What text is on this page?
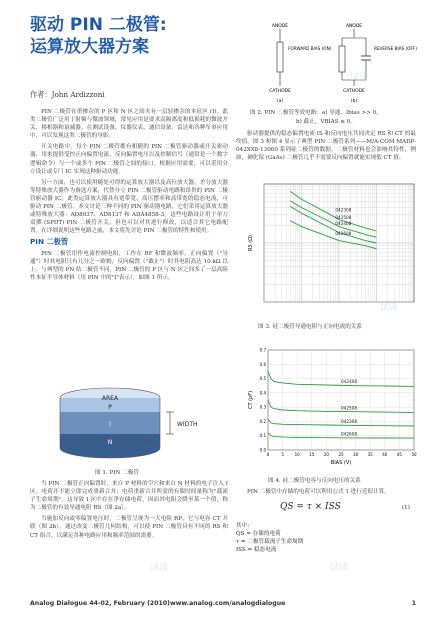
驱动 PIN 二极管:
运算放大器方案
作者：John Ardizzoni

PIN 二极管在重掺杂的 P 区和 N 区之间夹有一层轻掺杂的本征区 (I)。此类二极管广泛用于射频与微波领域，常见应用是要求高隔离度和低损耗的微波开关、移相器和衰减器。在测试设备、仪器仪表、通信设备、雷达和各种军事应用中，可以发现这类二极管的身影。

开关电路中，每个 PIN 二极管都有相随的 PIN 二极管驱动器或开关驱动器，用来提供受控正向偏置电流、反向偏置电压以及控制信号（通常是一个数字逻辑命令）与一个或多个 PIN 二极管之间的接口。根据应用需要，可以采用分立设计或专门 IC 实现这种驱动功能。

另一方面，也可以使用随处可得的运算放大器以及高位放大器、差分放大器等特殊放大器作为备选方案，代替分立 PIN 二极管驱动电路和昂贵的 PIN 二极管驱动器 IC。此类运算放大器具有宽带宽、高压摆率和高带宽的稳态电流，可驱动 PIN 二极管。本文讨论三种不同的 PIN 驱动器电路，它们采用运算放大器或特殊放大器：AD8037、AD8137 和 ADA4858-3。这些电路设计用于单刀双掷 (SPDT) PIN 二极管开关，但也可以对其进行修改，以适合其它电路配置。在详细说明这些电路之前，本文将先讨论 PIN 二极管的特性和使用。

PIN 二极管

PIN 二极管用作电流控制电阻，工作在 RF 和微波频率。正向偏置（"导通"）时其电阻只有几分之一欧姆，反向偏置（"截止"）时其电阻高达 10 kΩ 以上。与典型的 PN 结二极管不同，PIN 二极管的 P 区与 N 区之间多了一层高阻性本征半导体材料（用 PIN 中的"I"表示），如图 1 所示。

AREA
P
I
N
WIDTH
图 1. PIN 二极管

当 PIN 二极管正向偏置时，来自 P 材料的空穴和来自 N 材料的电子注入 I 区。电荷并不能立即完成重新合并；电荷重新合并所需的有限时间量称为"载流子生命周期"。这导致 I 区中存在净存储电荷，因而其电阻会降至某一个值，称为二极管的有效导通电阻 RS（图 2a）。

当施加反向或零偏置电压时，二极管呈现为一大电阻 RP，它与电容 CT 并联（图 2b）。通过改变二极管几何结构，可以使 PIN 二极管具有不同的 RS 和 CT 组合，以满足各种电路应用和频率范围的需要。

ANODE
FORWARD BIAS (ON)
CATHODE
(a)
ANODE
REVERSE BIAS (OFF)
CATHODE
(b)
图 2. PIN 二极管等效电路：a) 导通，Ibias >> 0。
b) 截止，VBIAS ≤ 0。

驱动器提供的稳态偏置电流 IS 和反向电压共同决定 RS 和 CT 的最终值。图 3 和图 4 显示了典型 PIN 二极管系列——M/A-COM MADP-042XX8-13060 系列硅二极管的数据。二极管材料也会影响其特性，例如，砷化镓 (GaAs) 二极管几乎不需要反向偏置就能实现低 CT 值。

RS (Ω)
042308
042508
042408
042608
图 3. 硅二极管导通电阻与正向电流的关系
0	5	10 15 20 25 30 35 40 45 50
0.0
0.1
0.2
0.3
0.4
0.5
0.6
0.7
BIAS (V)
CT (pF)
042408
042508
042308
042608
图 4. 硅二极管电容与反向电压的关系

PIN 二极管中存储的电荷可以利用公式 1 进行近似计算。

QS = τ × ISS	(1)
其中：
QS = 存储的电荷
τ = 二极管载流子生命周期
ISS = 稳态电流
试读
试读
试读
试读
Analog Dialogue 44-02, February (2010) www.analog.com/analogdialogue	1
